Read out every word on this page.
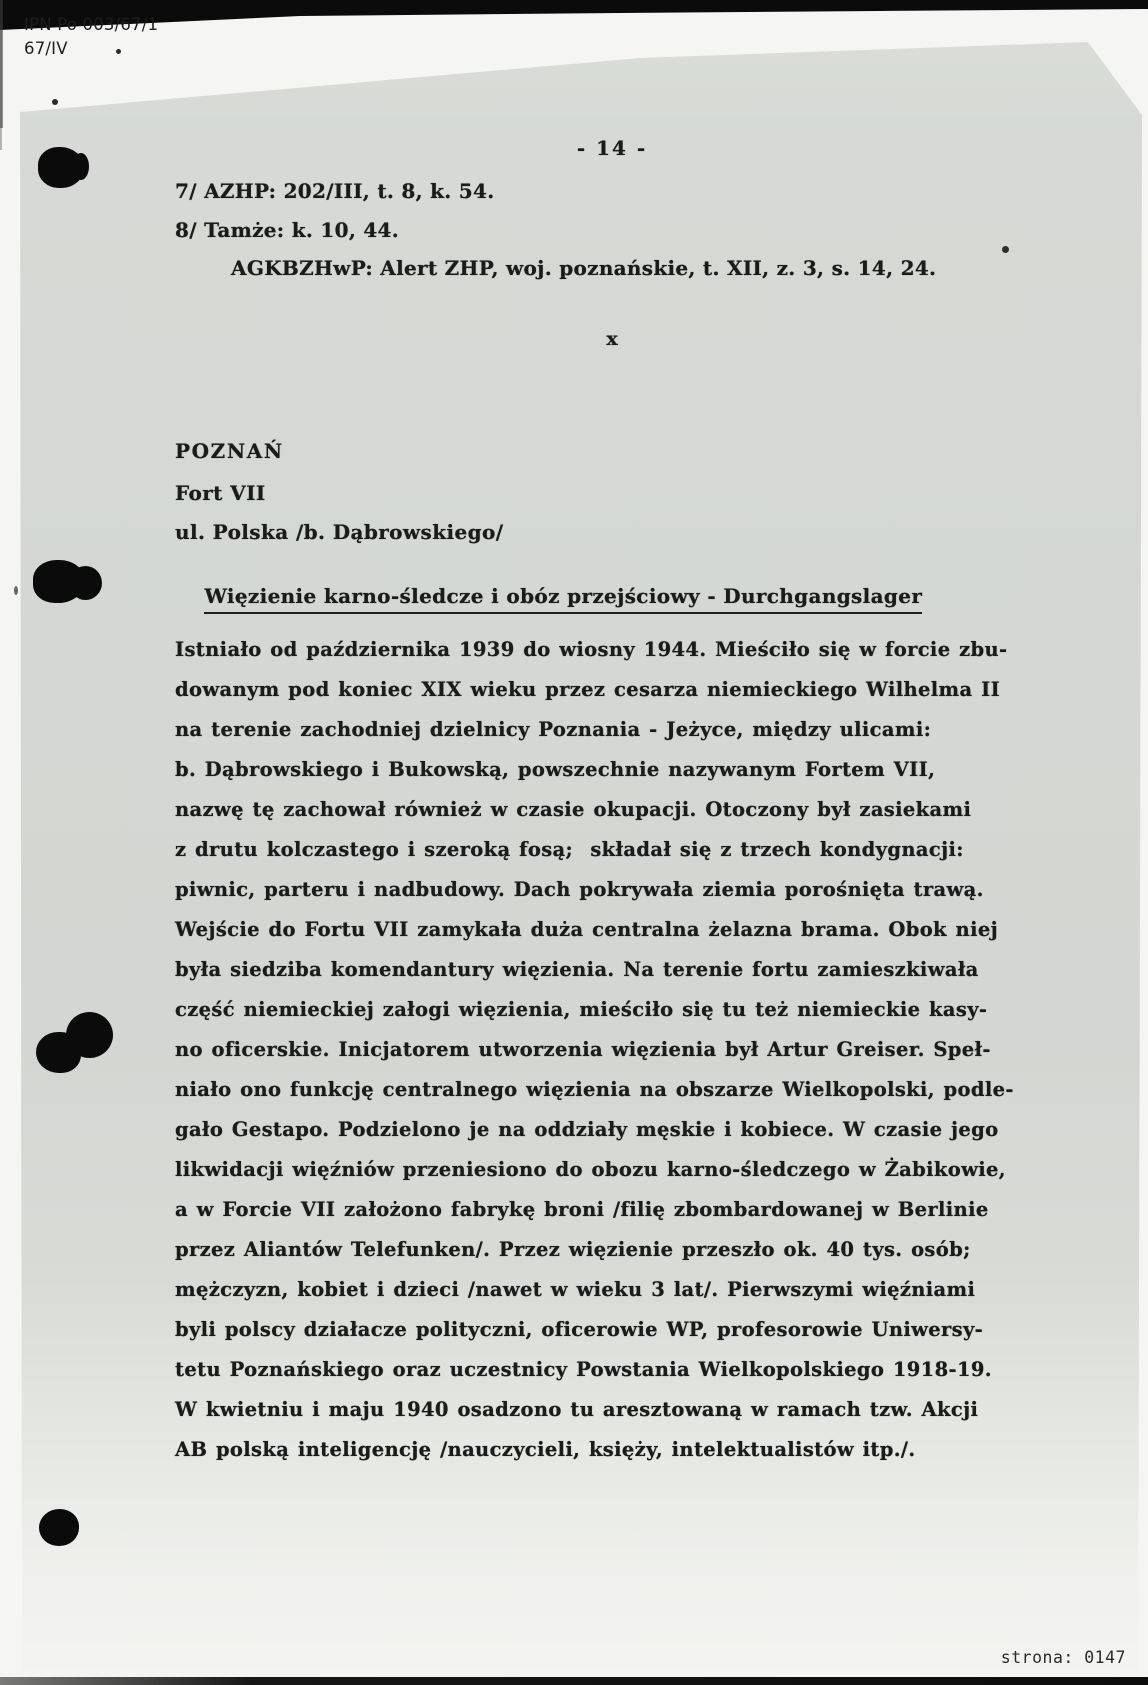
IPN Po 003/67/1
67/IV
- 14 -
7/ AZHP: 202/III, t. 8, k. 54.
8/ Tamże: k. 10, 44.
AGKBZHwP: Alert ZHP, woj. poznańskie, t. XII, z. 3, s. 14, 24.
x
POZNAŃ
Fort VII
ul. Polska /b. Dąbrowskiego/

Więzienie karno-śledcze i obóz przejściowy - Durchgangslager

Istniało od października 1939 do wiosny 1944. Mieściło się w forcie zbu-
dowanym pod koniec XIX wieku przez cesarza niemieckiego Wilhelma II
na terenie zachodniej dzielnicy Poznania - Jeżyce, między ulicami:
b. Dąbrowskiego i Bukowską, powszechnie nazywanym Fortem VII,
nazwę tę zachował również w czasie okupacji. Otoczony był zasiekami
z drutu kolczastego i szeroką fosą;  składał się z trzech kondygnacji:
piwnic, parteru i nadbudowy. Dach pokrywała ziemia porośnięta trawą.
Wejście do Fortu VII zamykała duża centralna żelazna brama. Obok niej
była siedziba komendantury więzienia. Na terenie fortu zamieszkiwała
część niemieckiej załogi więzienia, mieściło się tu też niemieckie kasy-
no oficerskie. Inicjatorem utworzenia więzienia był Artur Greiser. Speł-
niało ono funkcję centralnego więzienia na obszarze Wielkopolski, podle-
gało Gestapo. Podzielono je na oddziały męskie i kobiece. W czasie jego
likwidacji więźniów przeniesiono do obozu karno-śledczego w Żabikowie,
a w Forcie VII założono fabrykę broni /filię zbombardowanej w Berlinie
przez Aliantów Telefunken/. Przez więzienie przeszło ok. 40 tys. osób;
mężczyzn, kobiet i dzieci /nawet w wieku 3 lat/. Pierwszymi więźniami
byli polscy działacze polityczni, oficerowie WP, profesorowie Uniwersy-
tetu Poznańskiego oraz uczestnicy Powstania Wielkopolskiego 1918-19.
W kwietniu i maju 1940 osadzono tu aresztowaną w ramach tzw. Akcji
AB polską inteligencję /nauczycieli, księży, intelektualistów itp./.
strona: 0147
